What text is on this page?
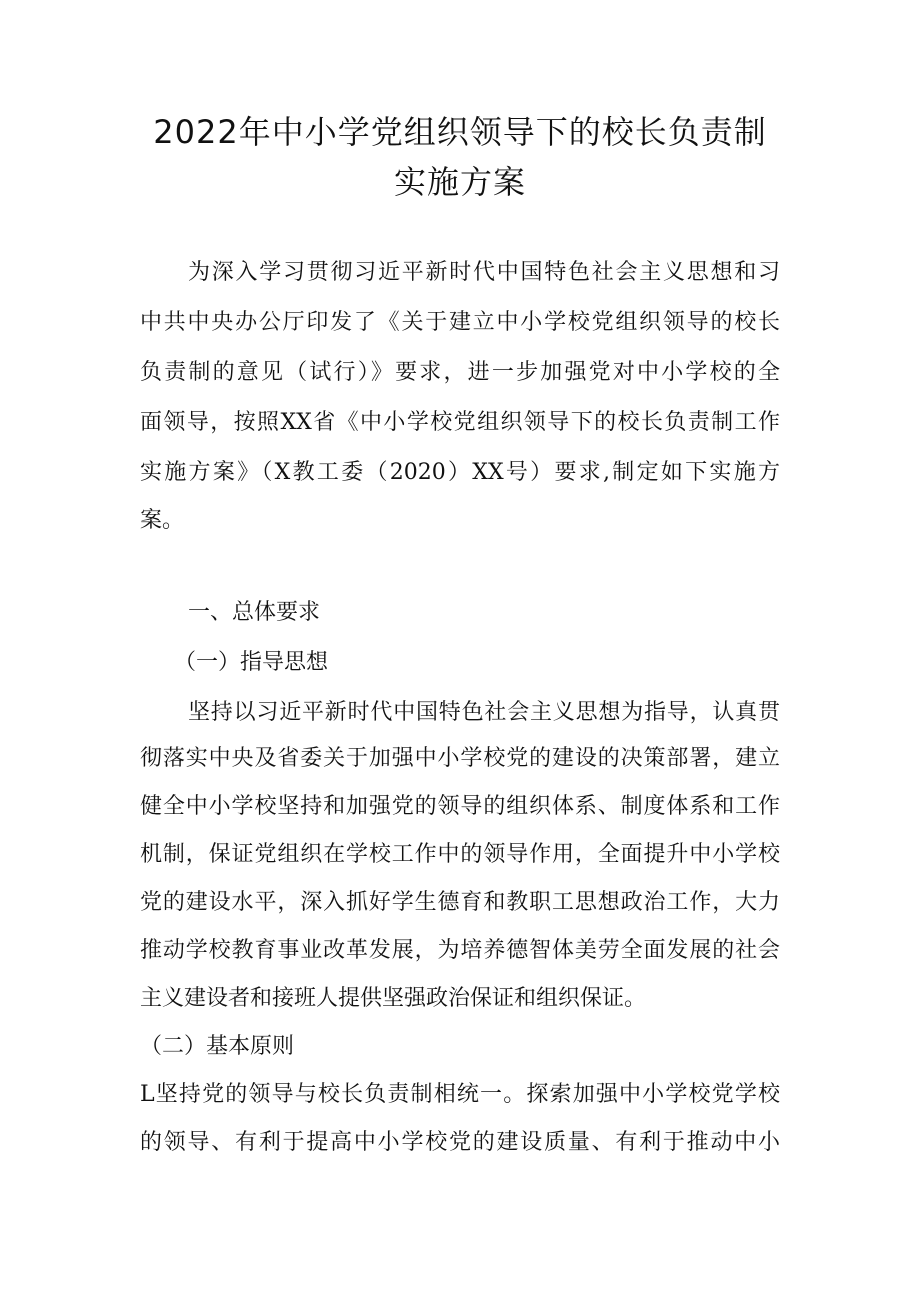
2022年中小学党组织领导下的校长负责制
实施方案
为深入学习贯彻习近平新时代中国特色社会主义思想和习
中共中央办公厅印发了《关于建立中小学校党组织领导的校长
负责制的意见（试行）》要求，进一步加强党对中小学校的全
面领导，按照XX省《中小学校党组织领导下的校长负责制工作
实施方案》（X教工委（2020）XX号）要求,制定如下实施方
案。
一、总体要求
（一）指导思想
坚持以习近平新时代中国特色社会主义思想为指导，认真贯
彻落实中央及省委关于加强中小学校党的建设的决策部署，建立
健全中小学校坚持和加强党的领导的组织体系、制度体系和工作
机制，保证党组织在学校工作中的领导作用，全面提升中小学校
党的建设水平，深入抓好学生德育和教职工思想政治工作，大力
推动学校教育事业改革发展，为培养德智体美劳全面发展的社会
主义建设者和接班人提供坚强政治保证和组织保证。
（二）基本原则
L坚持党的领导与校长负责制相统一。探索加强中小学校党学校
的领导、有利于提高中小学校党的建设质量、有利于推动中小
